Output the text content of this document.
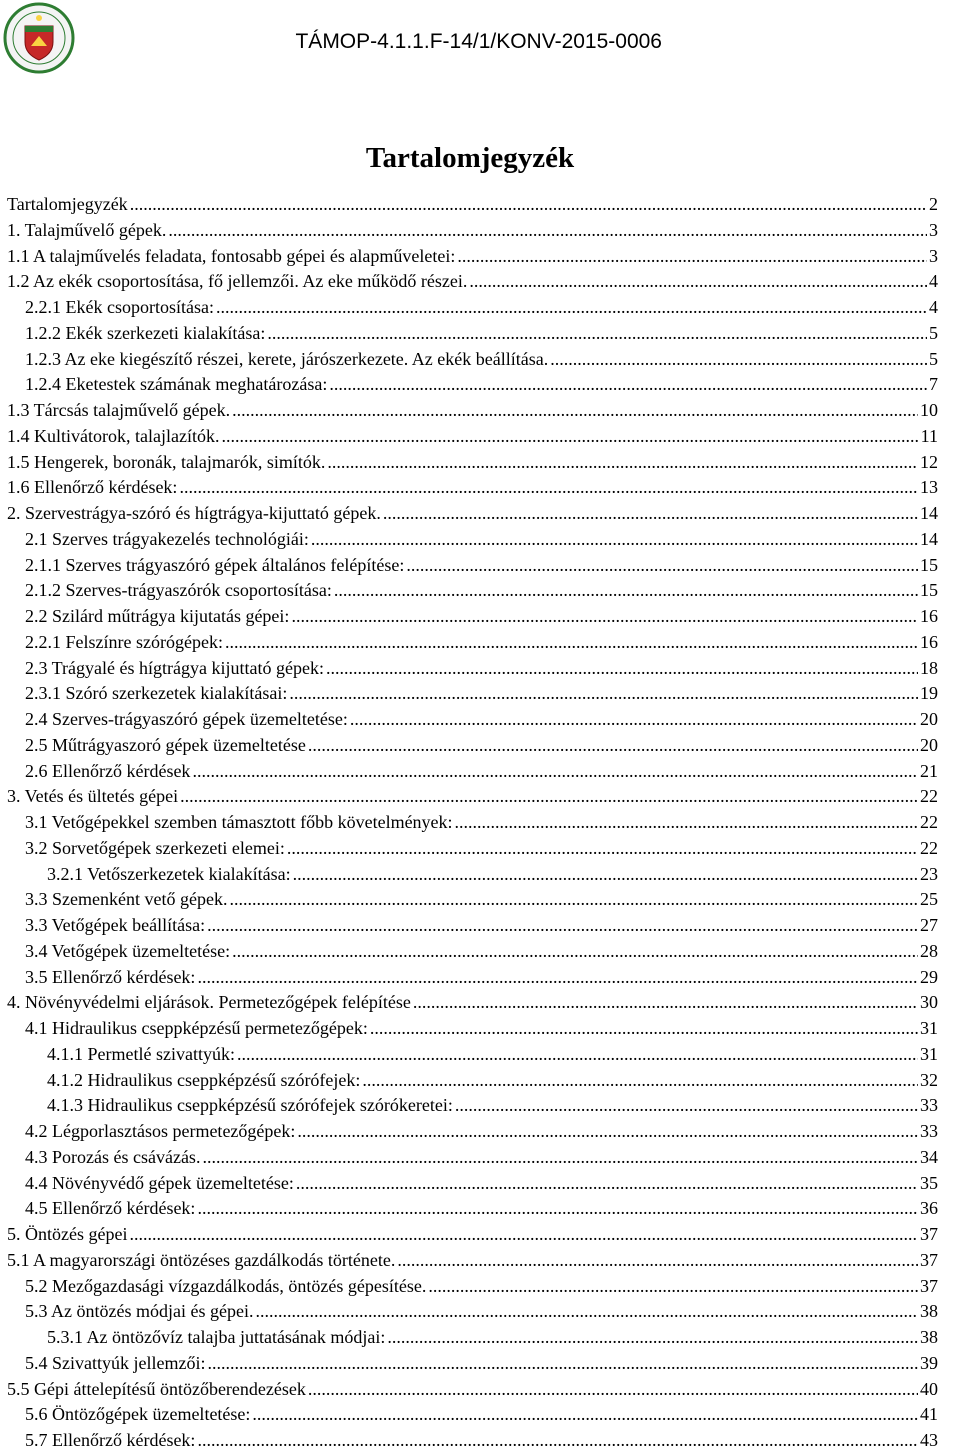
TÁMOP-4.1.1.F-14/1/KONV-2015-0006

Tartalomjegyzék
Tartalomjegyzék .....	2
1. Talajművelő gépek. .....	3
1.1 A talajművelés feladata, fontosabb gépei és alapműveletei: .....	3
1.2 Az ekék csoportosítása, fő jellemzői. Az eke működő részei. .....	4
2.2.1 Ekék csoportosítása: .....	4
1.2.2 Ekék szerkezeti kialakítása: .....	5
1.2.3 Az eke kiegészítő részei, kerete, járószerkezete. Az ekék beállítása. .....	5
1.2.4 Eketestek számának meghatározása: .....	7
1.3 Tárcsás talajművelő gépek. .....	10
1.4 Kultivátorok, talajlazítók. .....	11
1.5 Hengerek, boronák, talajmarók, simítók. .....	12
1.6 Ellenőrző kérdések: .....	13
2. Szervestrágya-szóró és hígtrágya-kijuttató gépek. .....	14
2.1 Szerves trágyakezelés technológiái: .....	14
2.1.1 Szerves trágyaszóró gépek általános felépítése: .....	15
2.1.2 Szerves-trágyaszórók csoportosítása: .....	15
2.2 Szilárd műtrágya kijutatás gépei: .....	16
2.2.1 Felszínre szórógépek: .....	16
2.3 Trágyalé és hígtrágya kijuttató gépek: .....	18
2.3.1 Szóró szerkezetek kialakításai: .....	19
2.4 Szerves-trágyaszóró gépek üzemeltetése: .....	20
2.5 Műtrágyaszoró gépek üzemeltetése .....	20
2.6 Ellenőrző kérdések .....	21
3. Vetés és ültetés gépei .....	22
3.1 Vetőgépekkel szemben támasztott főbb követelmények: .....	22
3.2 Sorvetőgépek szerkezeti elemei: .....	22
3.2.1 Vetőszerkezetek kialakítása: .....	23
3.3 Szemenként vető gépek. .....	25
3.3 Vetőgépek beállítása: .....	27
3.4 Vetőgépek üzemeltetése: .....	28
3.5 Ellenőrző kérdések: .....	29
4. Növényvédelmi eljárások. Permetezőgépek felépítése .....	30
4.1 Hidraulikus cseppképzésű permetezőgépek: .....	31
4.1.1 Permetlé szivattyúk: .....	31
4.1.2 Hidraulikus cseppképzésű szórófejek: .....	32
4.1.3 Hidraulikus cseppképzésű szórófejek szórókeretei: .....	33
4.2 Légporlasztásos permetezőgépek: .....	33
4.3 Porozás és csávázás. .....	34
4.4 Növényvédő gépek üzemeltetése: .....	35
4.5 Ellenőrző kérdések: .....	36
5. Öntözés gépei .....	37
5.1 A magyarországi öntözéses gazdálkodás története. .....	37
5.2 Mezőgazdasági vízgazdálkodás, öntözés gépesítése. .....	37
5.3 Az öntözés módjai és gépei. .....	38
5.3.1 Az öntözővíz talajba juttatásának módjai: .....	38
5.4 Szivattyúk jellemzői: .....	39
5.5 Gépi áttelepítésű öntözőberendezések .....	40
5.6 Öntözőgépek üzemeltetése: .....	41
5.7 Ellenőrző kérdések: .....	43
